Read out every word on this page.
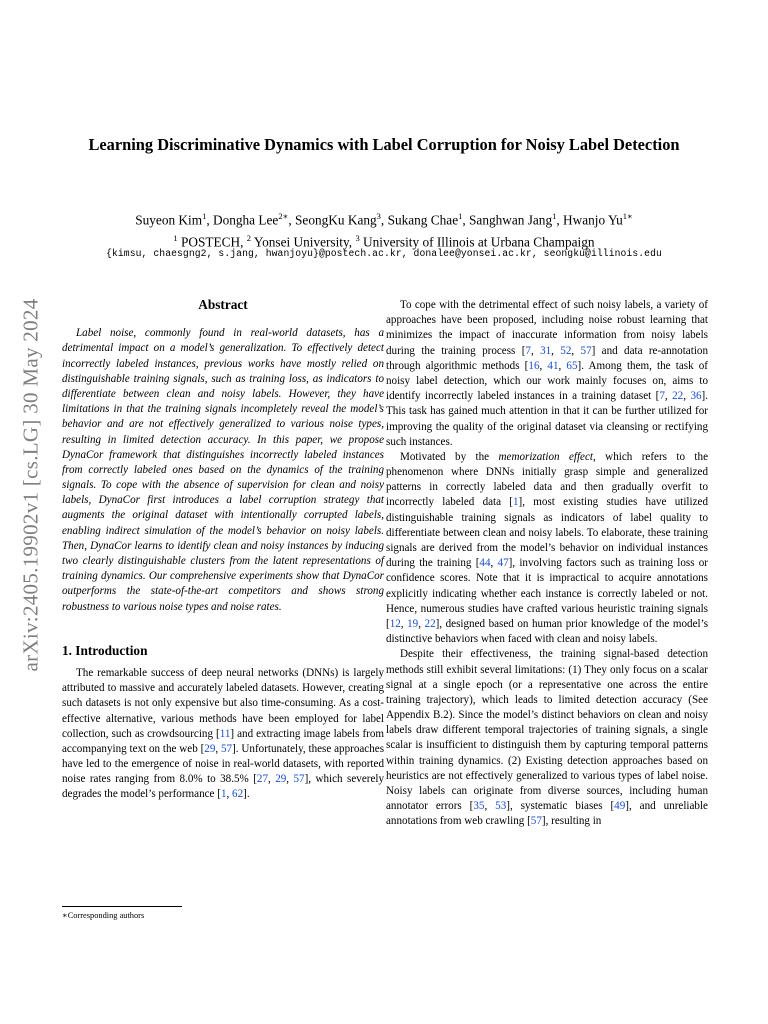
arXiv:2405.19902v1 [cs.LG] 30 May 2024
Learning Discriminative Dynamics with Label Corruption for Noisy Label Detection
Suyeon Kim$^1$, Dongha Lee$^{2∗}$, SeongKu Kang$^3$, Sukang Chae$^1$, Sanghwan Jang$^1$, Hwanjo $Yu^{1∗}$
$^1$ POSTECH, $^2$ Yonsei University, $^3$ University of Illinois at Urbana Champaign
{kimsu, chaesgng2, s.jang, hwanjoyu}@postech.ac.kr, donalee@yonsei.ac.kr, seongku@illinois.edu
Abstract

Label noise, commonly found in real-world datasets, has a detrimental impact on a model’s generalization. To effectively detect incorrectly labeled instances, previous works have mostly relied on distinguishable training signals, such as training loss, as indicators to differentiate between clean and noisy labels. However, they have limitations in that the training signals incompletely reveal the model’s behavior and are not effectively generalized to various noise types, resulting in limited detection accuracy. In this paper, we propose DynaCor framework that distinguishes incorrectly labeled instances from correctly labeled ones based on the dynamics of the training signals. To cope with the absence of supervision for clean and noisy labels, DynaCor first introduces a label corruption strategy that augments the original dataset with intentionally corrupted labels, enabling indirect simulation of the model’s behavior on noisy labels. Then, DynaCor learns to identify clean and noisy instances by inducing two clearly distinguishable clusters from the latent representations of training dynamics. Our comprehensive experiments show that DynaCor outperforms the state-of-the-art competitors and shows strong robustness to various noise types and noise rates.

1. Introduction

The remarkable success of deep neural networks (DNNs) is largely attributed to massive and accurately labeled datasets. However, creating such datasets is not only expensive but also time-consuming. As a cost-effective alternative, various methods have been employed for label collection, such as crowdsourcing [11] and extracting image labels from accompanying text on the web [29, 57]. Unfortunately, these approaches have led to the emergence of noise in real-world datasets, with reported noise rates ranging from 8.0% to 38.5% [27, 29, 57], which severely degrades the model’s performance [1, 62].

To cope with the detrimental effect of such noisy labels, a variety of approaches have been proposed, including noise robust learning that minimizes the impact of inaccurate information from noisy labels during the training process [7, 31, 52, 57] and data re-annotation through algorithmic methods [16, 41, 65]. Among them, the task of noisy label detection, which our work mainly focuses on, aims to identify incorrectly labeled instances in a training dataset [7, 22, 36]. This task has gained much attention in that it can be further utilized for improving the quality of the original dataset via cleansing or rectifying such instances.

Motivated by the memorization effect, which refers to the phenomenon where DNNs initially grasp simple and generalized patterns in correctly labeled data and then gradually overfit to incorrectly labeled data [1], most existing studies have utilized distinguishable training signals as indicators of label quality to differentiate between clean and noisy labels. To elaborate, these training signals are derived from the model’s behavior on individual instances during the training [44, 47], involving factors such as training loss or confidence scores. Note that it is impractical to acquire annotations explicitly indicating whether each instance is correctly labeled or not. Hence, numerous studies have crafted various heuristic training signals [12, 19, 22], designed based on human prior knowledge of the model’s distinctive behaviors when faced with clean and noisy labels.

Despite their effectiveness, the training signal-based detection methods still exhibit several limitations: (1) They only focus on a scalar signal at a single epoch (or a representative one across the entire training trajectory), which leads to limited detection accuracy (See Appendix B.2). Since the model’s distinct behaviors on clean and noisy labels draw different temporal trajectories of training signals, a single scalar is insufficient to distinguish them by capturing temporal patterns within training dynamics. (2) Existing detection approaches based on heuristics are not effectively generalized to various types of label noise. Noisy labels can originate from diverse sources, including human annotator errors [35, 53], systematic biases [49], and unreliable annotations from web crawling [57], resulting in

∗Corresponding authors
